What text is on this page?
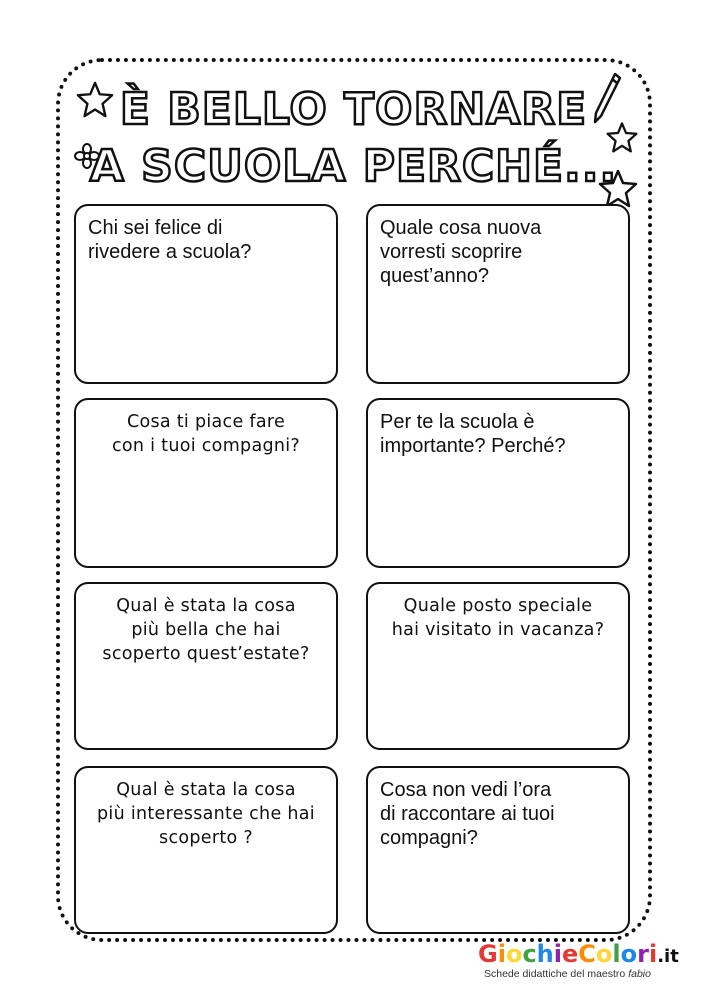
È BELLO TORNARE
A SCUOLA PERCHÉ...

Chi sei felice di
rivedere a scuola?

Quale cosa nuova
vorresti scoprire
quest’anno?

Cosa ti piace fare
con i tuoi compagni?

Per te la scuola è
importante? Perché?

Qual è stata la cosa
più bella che hai
scoperto quest’estate?

Quale posto speciale
hai visitato in vacanza?

Qual è stata la cosa
più interessante che hai
scoperto ?

Cosa non vedi l’ora
di raccontare ai tuoi
compagni?

GiochieColori.it
Schede didattiche del maestro fabio
